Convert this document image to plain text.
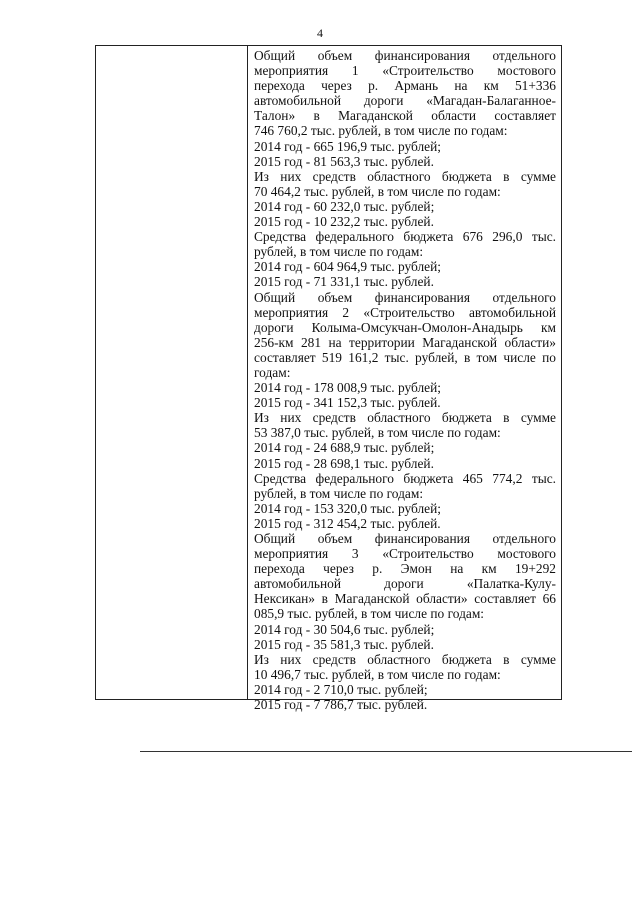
4
Общий объем финансирования отдельного
мероприятия 1 «Строительство мостового
перехода через р. Армань на км 51+336
автомобильной дороги «Магадан-Балаганное-
Талон» в Магаданской области составляет
746 760,2 тыс. рублей, в том числе по годам:
2014 год - 665 196,9 тыс. рублей;
2015 год - 81 563,3 тыс. рублей.
Из них средств областного бюджета в сумме
70 464,2 тыс. рублей, в том числе по годам:
2014 год - 60 232,0 тыс. рублей;
2015 год - 10 232,2 тыс. рублей.
Средства федерального бюджета 676 296,0 тыс.
рублей, в том числе по годам:
2014 год - 604 964,9 тыс. рублей;
2015 год - 71 331,1 тыс. рублей.
Общий объем финансирования отдельного
мероприятия 2 «Строительство автомобильной
дороги Колыма-Омсукчан-Омолон-Анадырь км
256-км 281 на территории Магаданской области»
составляет 519 161,2 тыс. рублей, в том числе по
годам:
2014 год - 178 008,9 тыс. рублей;
2015 год - 341 152,3 тыс. рублей.
Из них средств областного бюджета в сумме
53 387,0 тыс. рублей, в том числе по годам:
2014 год - 24 688,9 тыс. рублей;
2015 год - 28 698,1 тыс. рублей.
Средства федерального бюджета 465 774,2 тыс.
рублей, в том числе по годам:
2014 год - 153 320,0 тыс. рублей;
2015 год - 312 454,2 тыс. рублей.
Общий объем финансирования отдельного
мероприятия 3 «Строительство мостового
перехода через р. Эмон на км 19+292
автомобильной дороги «Палатка-Кулу-
Нексикан» в Магаданской области» составляет 66
085,9 тыс. рублей, в том числе по годам:
2014 год - 30 504,6 тыс. рублей;
2015 год - 35 581,3 тыс. рублей.
Из них средств областного бюджета в сумме
10 496,7 тыс. рублей, в том числе по годам:
2014 год - 2 710,0 тыс. рублей;
2015 год - 7 786,7 тыс. рублей.
